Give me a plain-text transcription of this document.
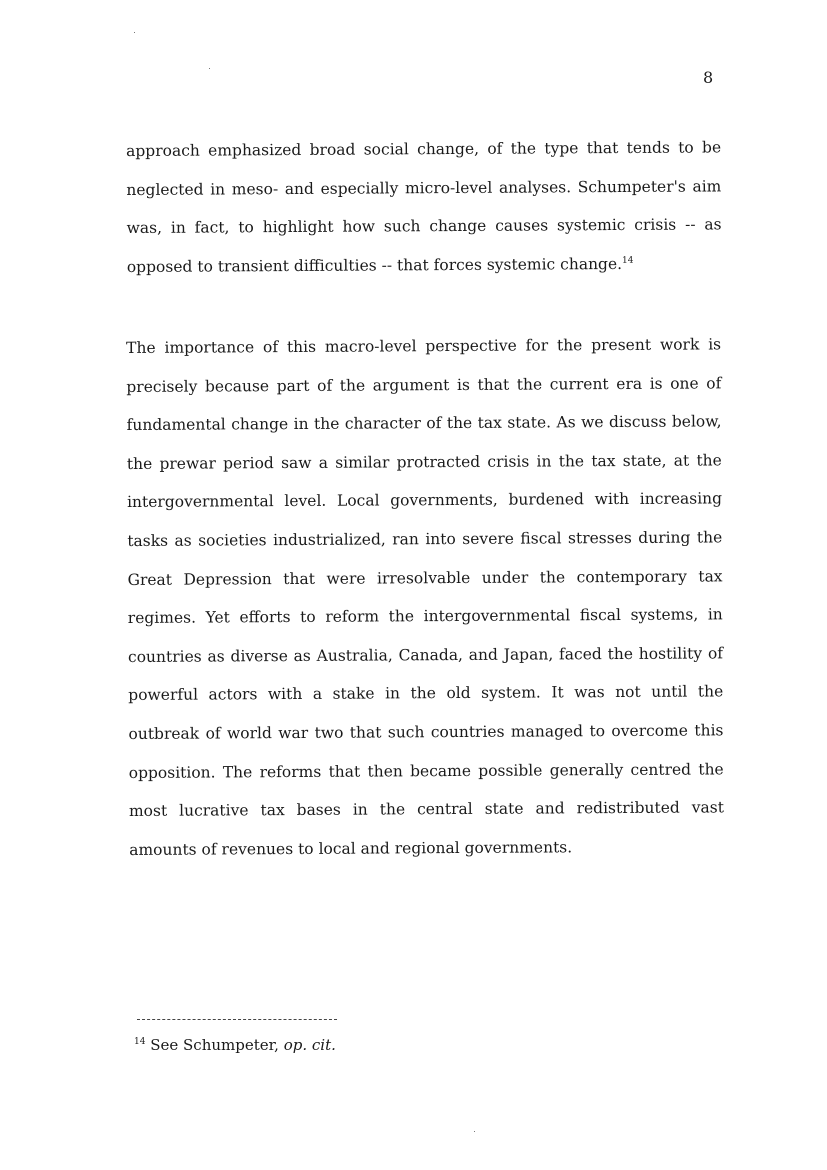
8

approach emphasized broad social change, of the type that tends to be neglected in meso- and especially micro-level analyses. Schumpeter's aim was, in fact, to highlight how such change causes systemic crisis -- as opposed to transient difficulties -- that forces systemic change.$^{14}$

The importance of this macro-level perspective for the present work is precisely because part of the argument is that the current era is one of fundamental change in the character of the tax state. As we discuss below, the prewar period saw a similar protracted crisis in the tax state, at the intergovernmental level. Local governments, burdened with increasing tasks as societies industrialized, ran into severe fiscal stresses during the Great Depression that were irresolvable under the contemporary tax regimes. Yet efforts to reform the intergovernmental fiscal systems, in countries as diverse as Australia, Canada, and Japan, faced the hostility of powerful actors with a stake in the old system. It was not until the outbreak of world war two that such countries managed to overcome this opposition. The reforms that then became possible generally centred the most lucrative tax bases in the central state and redistributed vast amounts of revenues to local and regional governments.

$^{14}$ See Schumpeter, op. cit.
